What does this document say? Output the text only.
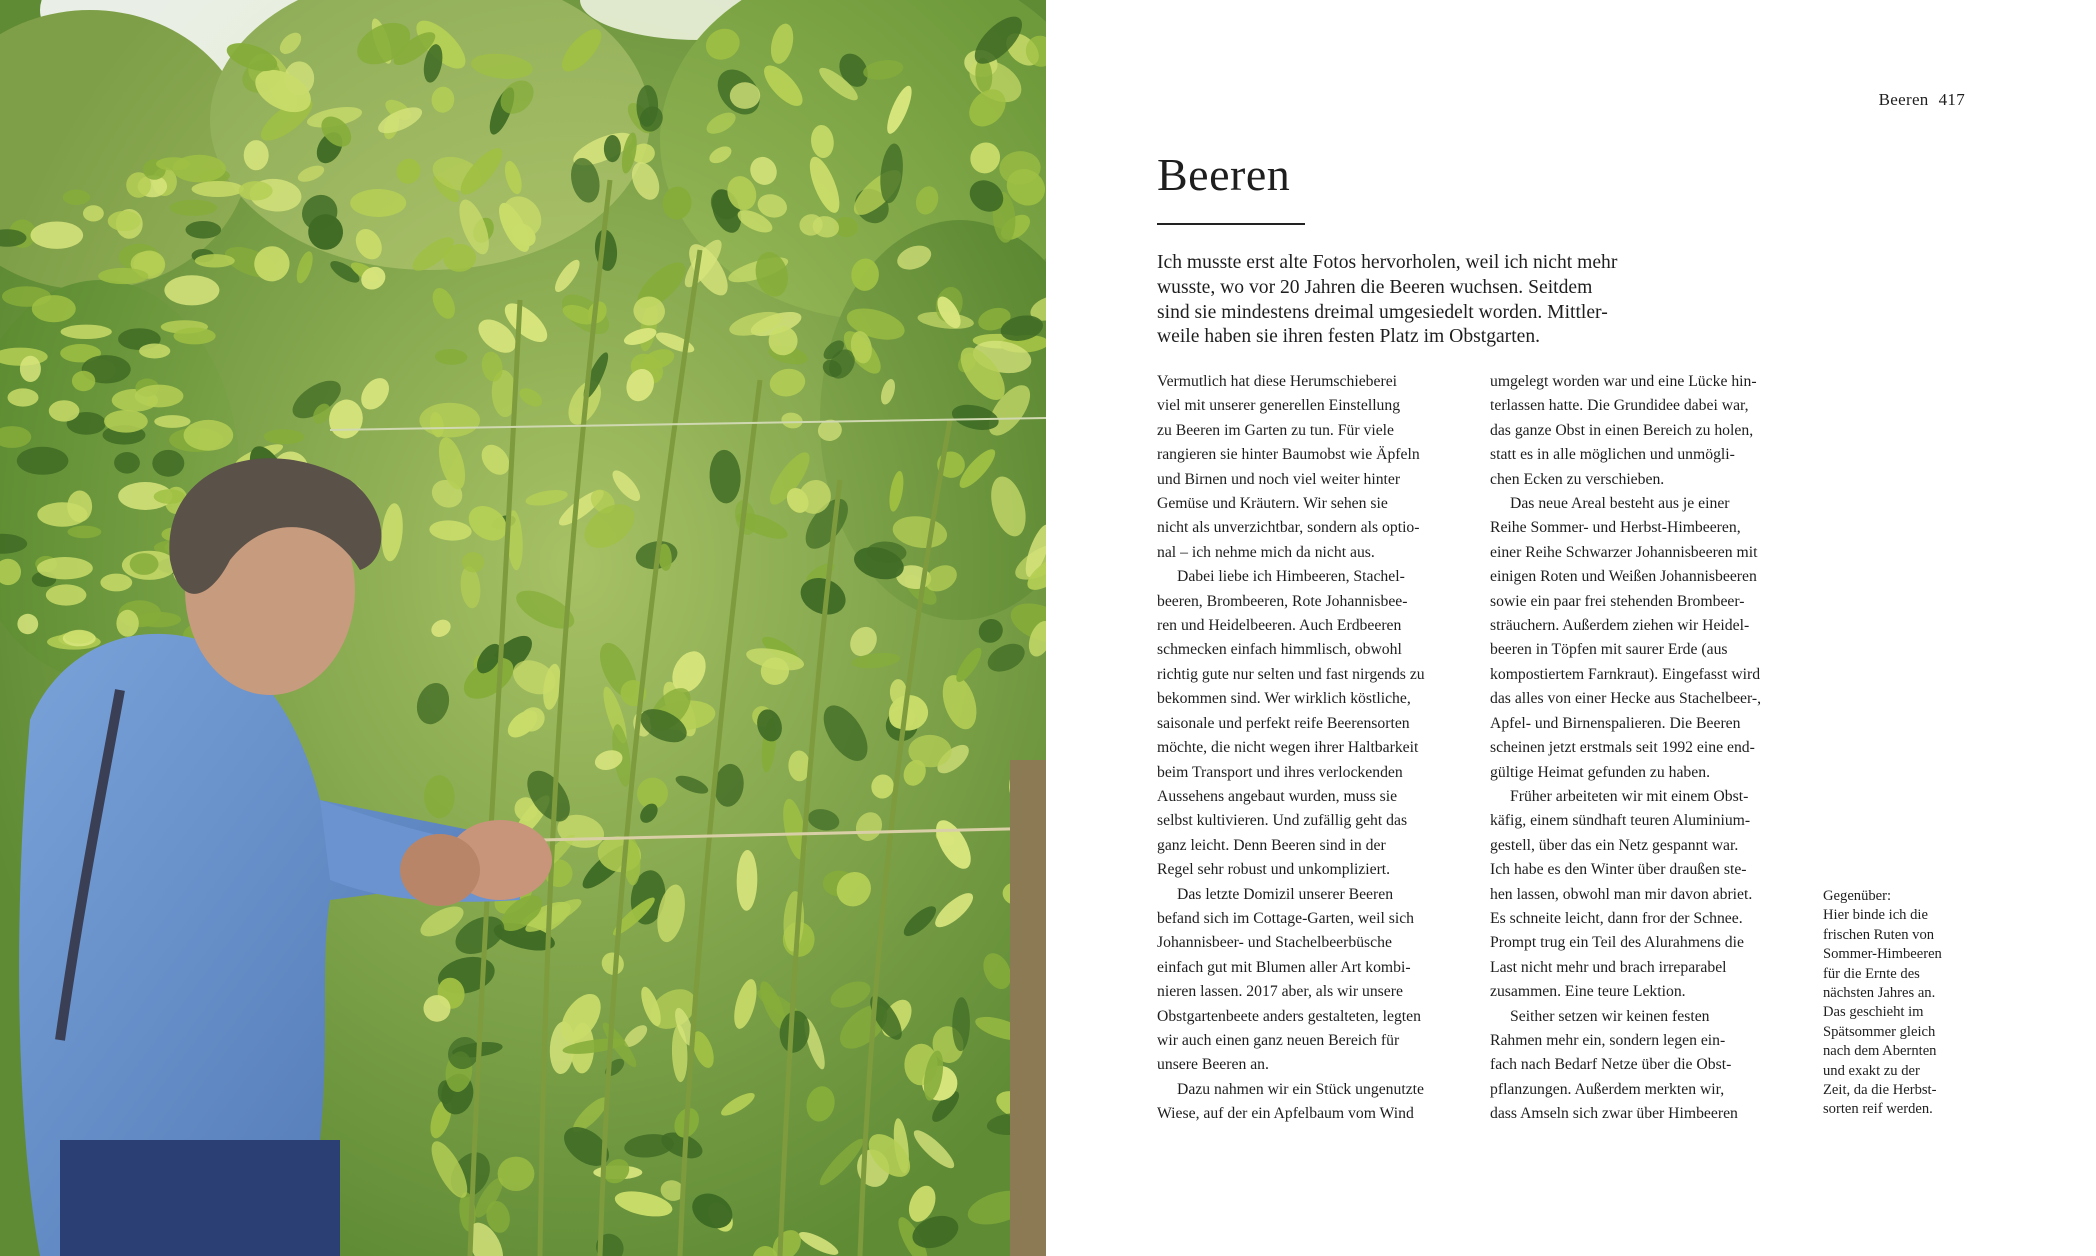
Beeren 417
Beeren

Ich musste erst alte Fotos hervorholen, weil ich nicht mehr
wusste, wo vor 20 Jahren die Beeren wuchsen. Seitdem
sind sie mindestens dreimal umgesiedelt worden. Mittler-
weile haben sie ihren festen Platz im Obstgarten.

Vermutlich hat diese Herumschieberei

viel mit unserer generellen Einstellung

zu Beeren im Garten zu tun. Für viele

rangieren sie hinter Baumobst wie Äpfeln

und Birnen und noch viel weiter hinter

Gemüse und Kräutern. Wir sehen sie

nicht als unverzichtbar, sondern als optio-

nal – ich nehme mich da nicht aus.

Dabei liebe ich Himbeeren, Stachel-

beeren, Brombeeren, Rote Johannisbee-

ren und Heidelbeeren. Auch Erdbeeren

schmecken einfach himmlisch, obwohl

richtig gute nur selten und fast nirgends zu

bekommen sind. Wer wirklich köstliche,

saisonale und perfekt reife Beerensorten

möchte, die nicht wegen ihrer Haltbarkeit

beim Transport und ihres verlockenden

Aussehens angebaut wurden, muss sie

selbst kultivieren. Und zufällig geht das

ganz leicht. Denn Beeren sind in der

Regel sehr robust und unkompliziert.

Das letzte Domizil unserer Beeren

befand sich im Cottage-Garten, weil sich

Johannisbeer- und Stachelbeerbüsche

einfach gut mit Blumen aller Art kombi-

nieren lassen. 2017 aber, als wir unsere

Obstgartenbeete anders gestalteten, legten

wir auch einen ganz neuen Bereich für

unsere Beeren an.

Dazu nahmen wir ein Stück ungenutzte

Wiese, auf der ein Apfelbaum vom Wind

umgelegt worden war und eine Lücke hin-

terlassen hatte. Die Grundidee dabei war,

das ganze Obst in einen Bereich zu holen,

statt es in alle möglichen und unmögli-

chen Ecken zu verschieben.

Das neue Areal besteht aus je einer

Reihe Sommer- und Herbst-Himbeeren,

einer Reihe Schwarzer Johannisbeeren mit

einigen Roten und Weißen Johannisbeeren

sowie ein paar frei stehenden Brombeer-

sträuchern. Außerdem ziehen wir Heidel-

beeren in Töpfen mit saurer Erde (aus

kompostiertem Farnkraut). Eingefasst wird

das alles von einer Hecke aus Stachelbeer-,

Apfel- und Birnenspalieren. Die Beeren

scheinen jetzt erstmals seit 1992 eine end-

gültige Heimat gefunden zu haben.

Früher arbeiteten wir mit einem Obst-

käfig, einem sündhaft teuren Aluminium-

gestell, über das ein Netz gespannt war.

Ich habe es den Winter über draußen ste-

hen lassen, obwohl man mir davon abriet.

Es schneite leicht, dann fror der Schnee.

Prompt trug ein Teil des Alurahmens die

Last nicht mehr und brach irreparabel

zusammen. Eine teure Lektion.

Seither setzen wir keinen festen

Rahmen mehr ein, sondern legen ein-

fach nach Bedarf Netze über die Obst-

pflanzungen. Außerdem merkten wir,

dass Amseln sich zwar über Himbeeren

Gegenüber:
Hier binde ich die
frischen Ruten von
Sommer-Himbeeren
für die Ernte des
nächsten Jahres an.
Das geschieht im
Spätsommer gleich
nach dem Abernten
und exakt zu der
Zeit, da die Herbst-
sorten reif werden.
